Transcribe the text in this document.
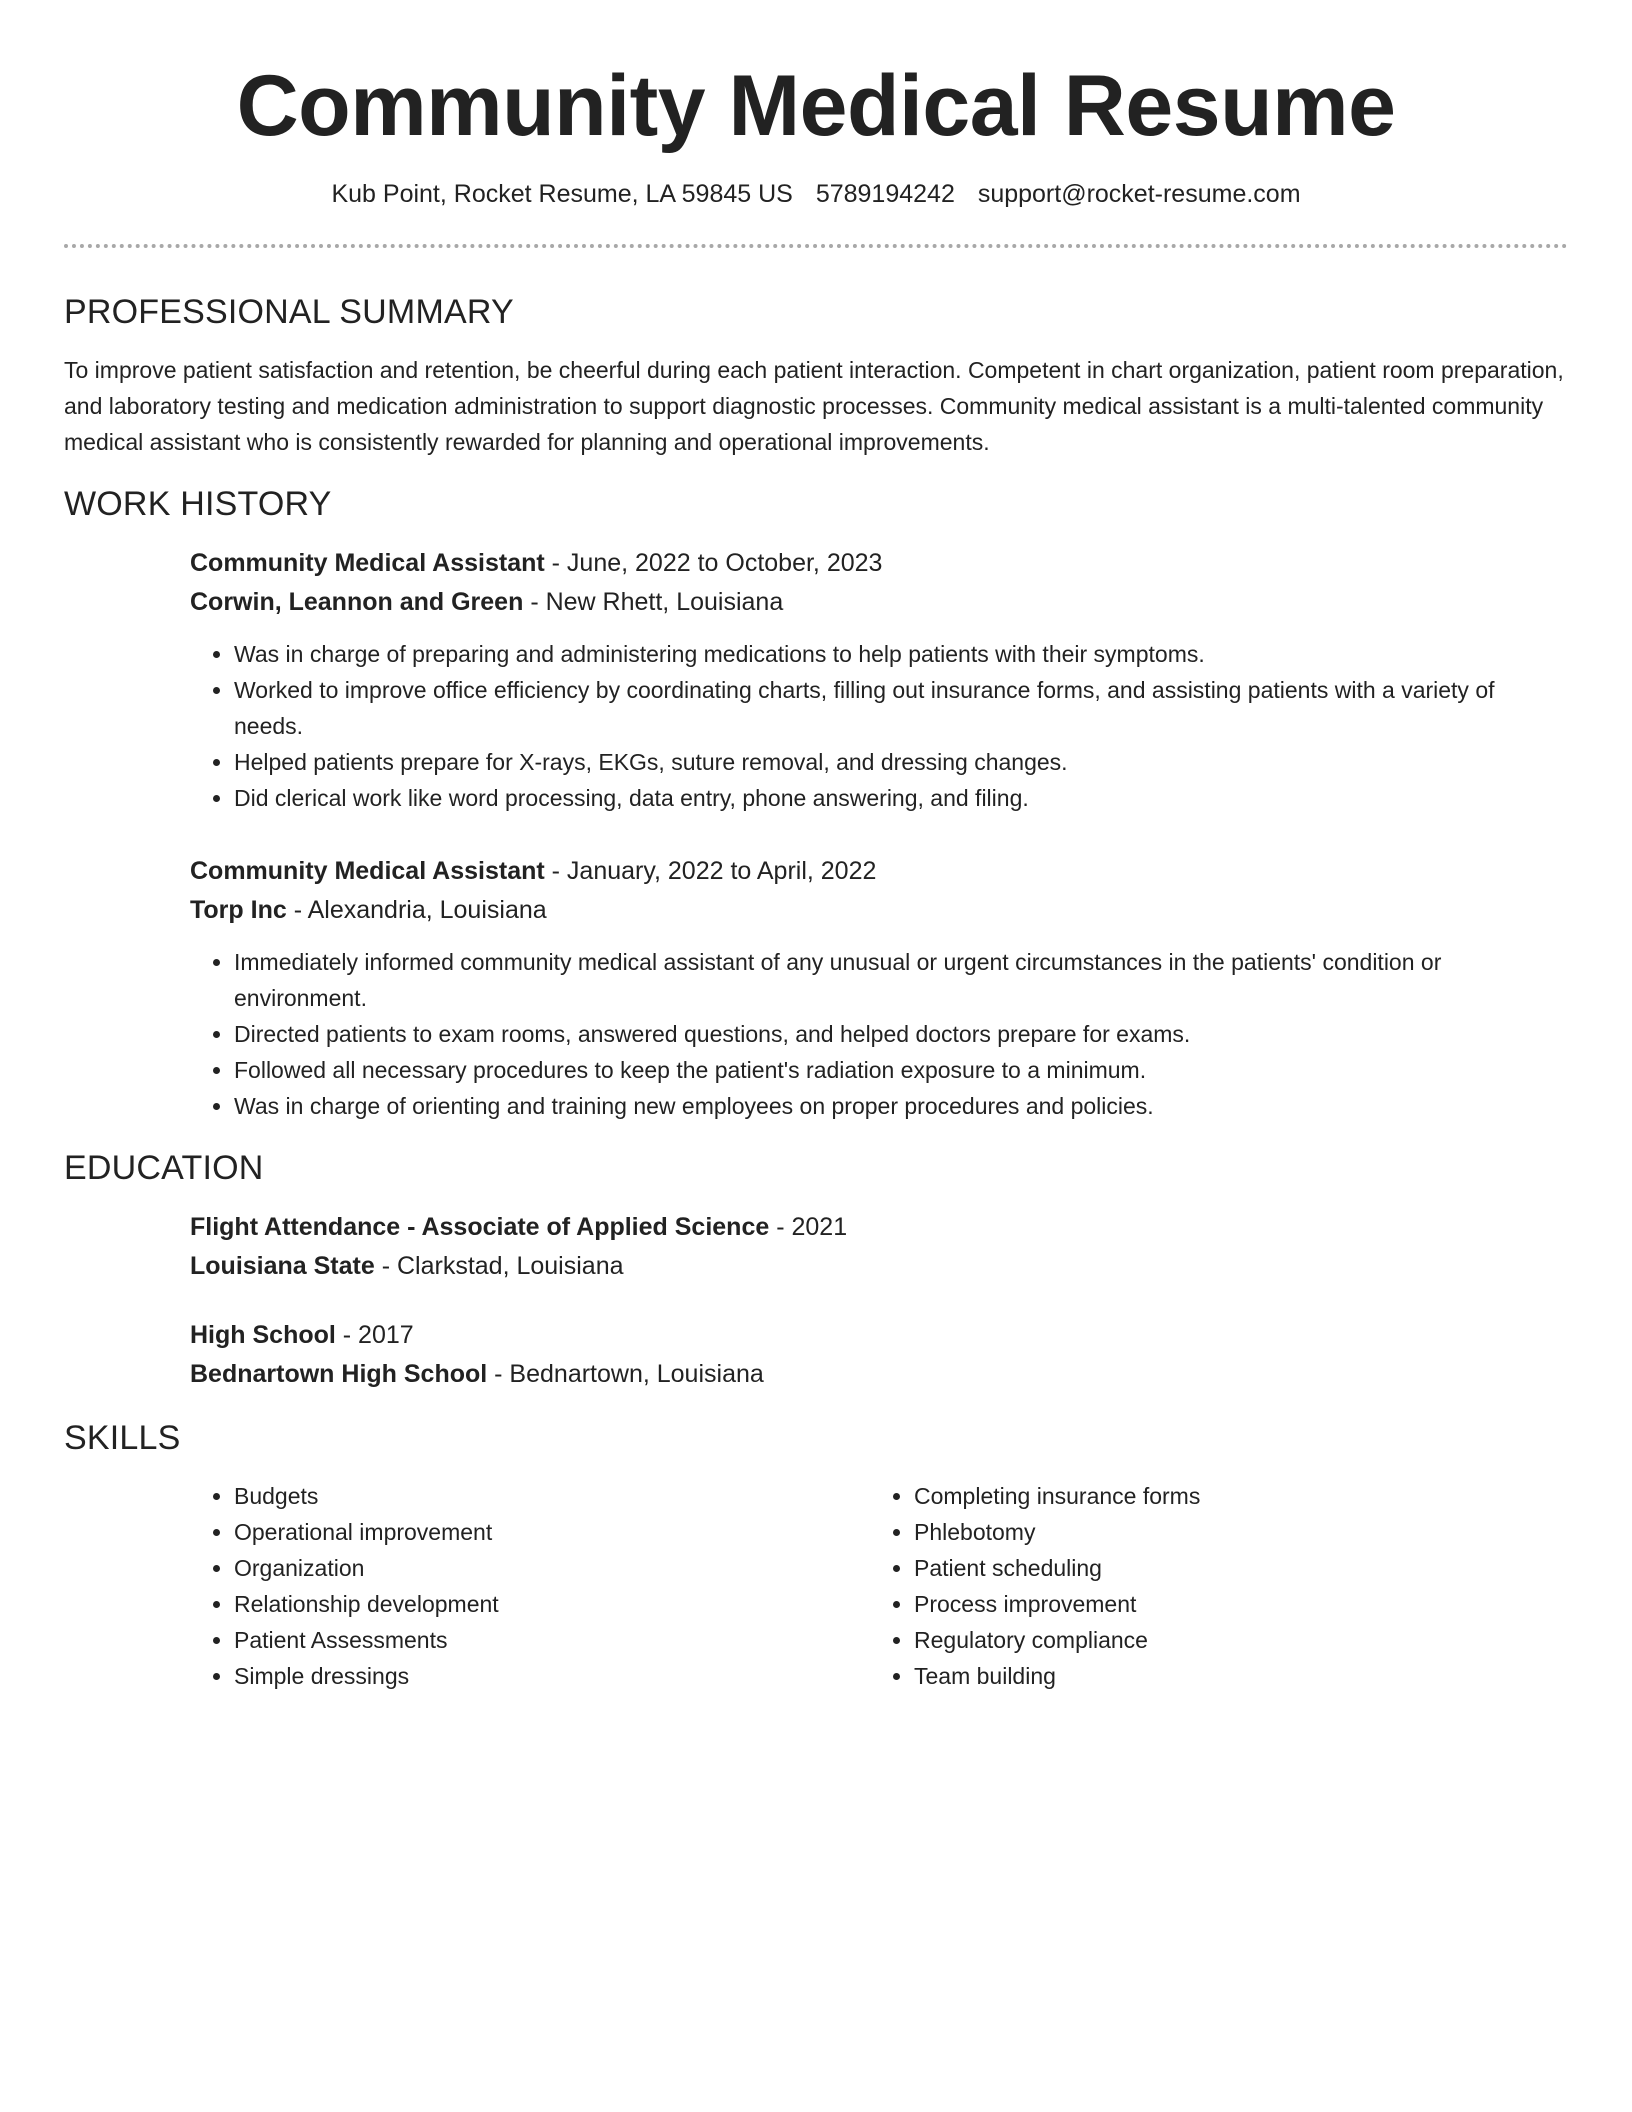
Community Medical Resume
Kub Point, Rocket Resume, LA 59845 US 5789194242 support@rocket-resume.com
PROFESSIONAL SUMMARY

To improve patient satisfaction and retention, be cheerful during each patient interaction. Competent in chart organization, patient room preparation, and laboratory testing and medication administration to support diagnostic processes. Community medical assistant is a multi-talented community medical assistant who is consistently rewarded for planning and operational improvements.

WORK HISTORY
Community Medical Assistant - June, 2022 to October, 2023
Corwin, Leannon and Green - New Rhett, Louisiana
• Was in charge of preparing and administering medications to help patients with their symptoms.
• Worked to improve office efficiency by coordinating charts, filling out insurance forms, and assisting patients with a variety of needs.
• Helped patients prepare for X-rays, EKGs, suture removal, and dressing changes.
• Did clerical work like word processing, data entry, phone answering, and filing.
Community Medical Assistant - January, 2022 to April, 2022
Torp Inc - Alexandria, Louisiana
• Immediately informed community medical assistant of any unusual or urgent circumstances in the patients' condition or environment.
• Directed patients to exam rooms, answered questions, and helped doctors prepare for exams.
• Followed all necessary procedures to keep the patient's radiation exposure to a minimum.
• Was in charge of orienting and training new employees on proper procedures and policies.
EDUCATION
Flight Attendance - Associate of Applied Science - 2021
Louisiana State - Clarkstad, Louisiana
High School - 2017
Bednartown High School - Bednartown, Louisiana
SKILLS
• Budgets
• Operational improvement
• Organization
• Relationship development
• Patient Assessments
• Simple dressings
• Completing insurance forms
• Phlebotomy
• Patient scheduling
• Process improvement
• Regulatory compliance
• Team building
